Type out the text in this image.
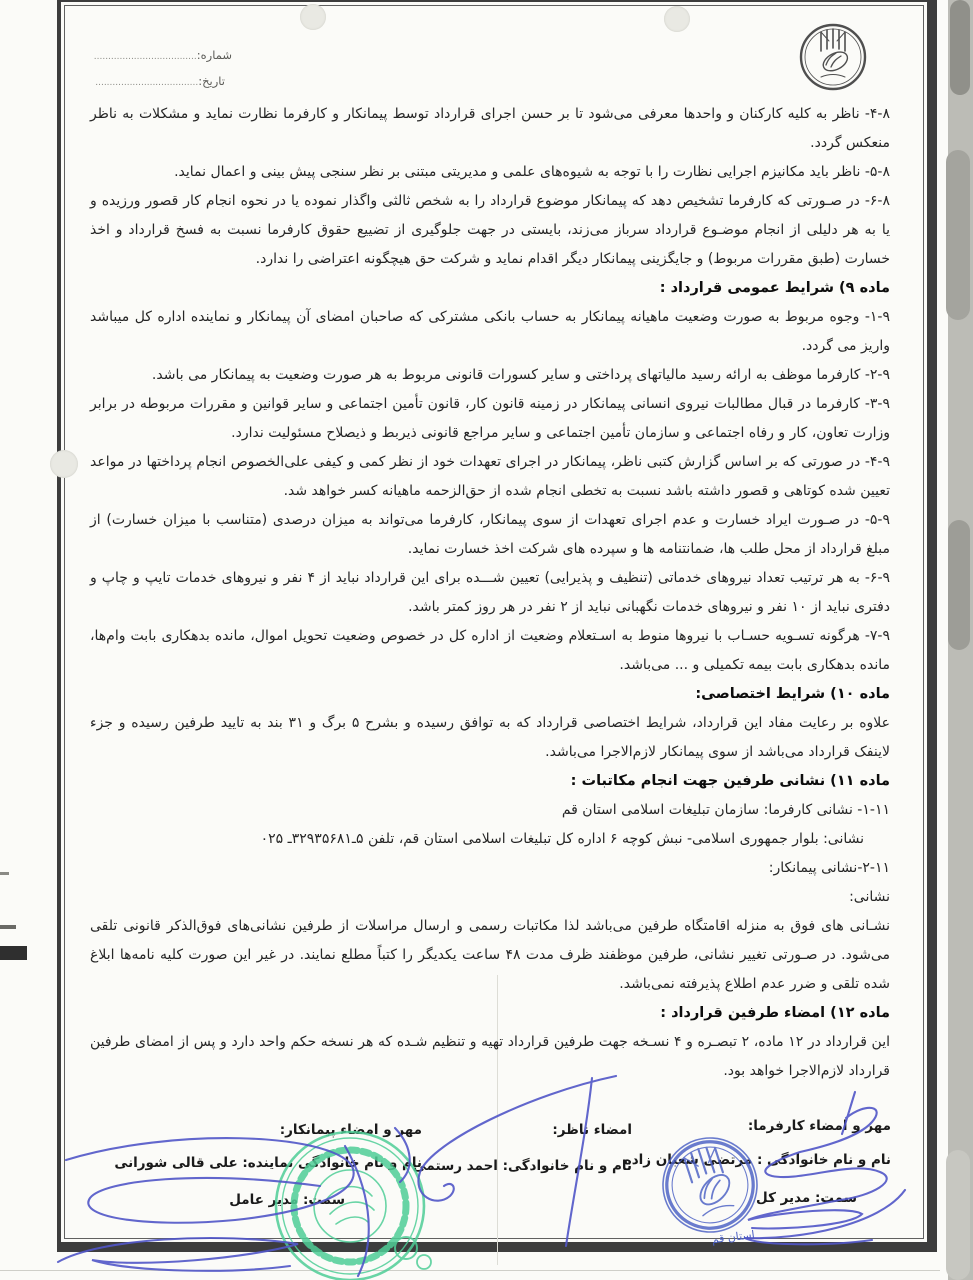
شماره:....................................
تاریخ:....................................
۴-۸- ناظر به کلیه کارکنان و واحدها معرفی می‌شود تا بر حسن اجرای قرارداد توسط پیمانکار و کارفرما نظارت نماید و مشکلات به ناظر منعکس گردد.
۵-۸- ناظر باید مکانیزم اجرایی نظارت را با توجه به شیوه‌های علمی و مدیریتی مبتنی بر نظر سنجی پیش بینی و اعمال نماید.
۶-۸- در صـورتی که کارفرما تشخیص دهد که پیمانکار موضوع قرارداد را به شخص ثالثی واگذار نموده یا در نحوه انجام کار قصور ورزیده و یا به هر دلیلی از انجام موضـوع قرارداد سرباز می‌زند، بایستی در جهت جلوگیری از تضییع حقوق کارفرما نسبت به فسخ قرارداد و اخذ خسارت (طبق مقررات مربوط) و جایگزینی پیمانکار دیگر اقدام نماید و شرکت حق هیچگونه اعتراضی را ندارد.
ماده ۹) شرایط عمومی قرارداد :
۱-۹- وجوه مربوط به صورت وضعیت ماهیانه پیمانکار به حساب بانکی مشترکی که صاحبان امضای آن پیمانکار و نماینده اداره کل میباشد واریز می گردد.
۲-۹- کارفرما موظف به ارائه رسید مالیاتهای پرداختی و سایر کسورات قانونی مربوط به هر صورت وضعیت به پیمانکار می باشد.
۳-۹- کارفرما در قبال مطالبات نیروی انسانی پیمانکار در زمینه قانون کار، قانون تأمین اجتماعی و سایر قوانین و مقررات مربوطه در برابر وزارت تعاون، کار و رفاه اجتماعی و سازمان تأمین اجتماعی و سایر مراجع قانونی ذیربط و ذیصلاح مسئولیت ندارد.
۴-۹- در صورتی که بر اساس گزارش کتبی ناظر، پیمانکار در اجرای تعهدات خود از نظر کمی و کیفی علی‌الخصوص انجام پرداختها در مواعد تعیین شده کوتاهی و قصور داشته باشد نسبت به تخطی انجام شده از حق‌الزحمه ماهیانه کسر خواهد شد.
۵-۹- در صـورت ایراد خسارت و عدم اجرای تعهدات از سوی پیمانکار، کارفرما می‌تواند به میزان درصدی (متناسب با میزان خسارت) از مبلغ قرارداد از محل طلب ها، ضمانتنامه ها و سپرده های شرکت اخذ خسارت نماید.
۶-۹- به هر ترتیب تعداد نیروهای خدماتی (تنظیف و پذیرایی) تعیین شـــده برای این قرارداد نباید از ۴ نفر و نیروهای خدمات تایپ و چاپ و دفتری نباید از ۱۰ نفر و نیروهای خدمات نگهبانی نباید از ۲ نفر در هر روز کمتر باشد.
۷-۹- هرگونه تسـویه حسـاب با نیروها منوط به اسـتعلام وضعیت از اداره کل در خصوص وضعیت تحویل اموال، مانده بدهکاری بابت وام‌ها، مانده بدهکاری بابت بیمه تکمیلی و ... می‌باشد.
ماده ۱۰) شرایط اختصاصی:
علاوه بر رعایت مفاد این قرارداد، شرایط اختصاصی قرارداد که به توافق رسیده و بشرح ۵ برگ و ۳۱ بند به تایید طرفین رسیده و جزء لاینفک قرارداد می‌باشد از سوی پیمانکار لازم‌الاجرا می‌باشد.
ماده ۱۱) نشانی طرفین جهت انجام مکاتبات :
۱-۱۱- نشانی کارفرما: سازمان تبلیغات اسلامی استان قم
نشانی: بلوار جمهوری اسلامی- نبش کوچه ۶ اداره کل تبلیغات اسلامی استان قم، تلفن ۵ـ۳۲۹۳۵۶۸۱ـ ۰۲۵
۲-۱۱-نشانی پیمانکار:
نشانی:
نشـانی های فوق به منزله اقامتگاه طرفین می‌باشد لذا مکاتبات رسمی و ارسال مراسلات از طرفین نشانی‌های فوق‌الذکر قانونی تلقی می‌شود. در صـورتی تغییر نشانی، طرفین موظفند ظرف مدت ۴۸ ساعت یکدیگر را کتباً مطلع نمایند. در غیر این صورت کلیه نامه‌ها ابلاغ شده تلقی و ضرر عدم اطلاع پذیرفته نمی‌باشد.
ماده ۱۲) امضاء طرفین قرارداد :
این قرارداد در ۱۲ ماده، ۲ تبصـره و ۴ نسـخه جهت طرفین قرارداد تهیه و تنظیم شـده که هر نسخه حکم واحد دارد و پس از امضای طرفین قرارداد لازم‌الاجرا خواهد بود.
مهر و امضاء کارفرما:
نام و نام خانوادگی : مرتضی شعبان زاده
سمت: مدیر کل
امضاء ناظر:
نام و نام خانوادگی: احمد رستمی
مهر و امضاء پیمانکار:
نام و نام خانوادگی نماینده: علی قالی شورانی
سمت: مدیر عامل
استان قم
